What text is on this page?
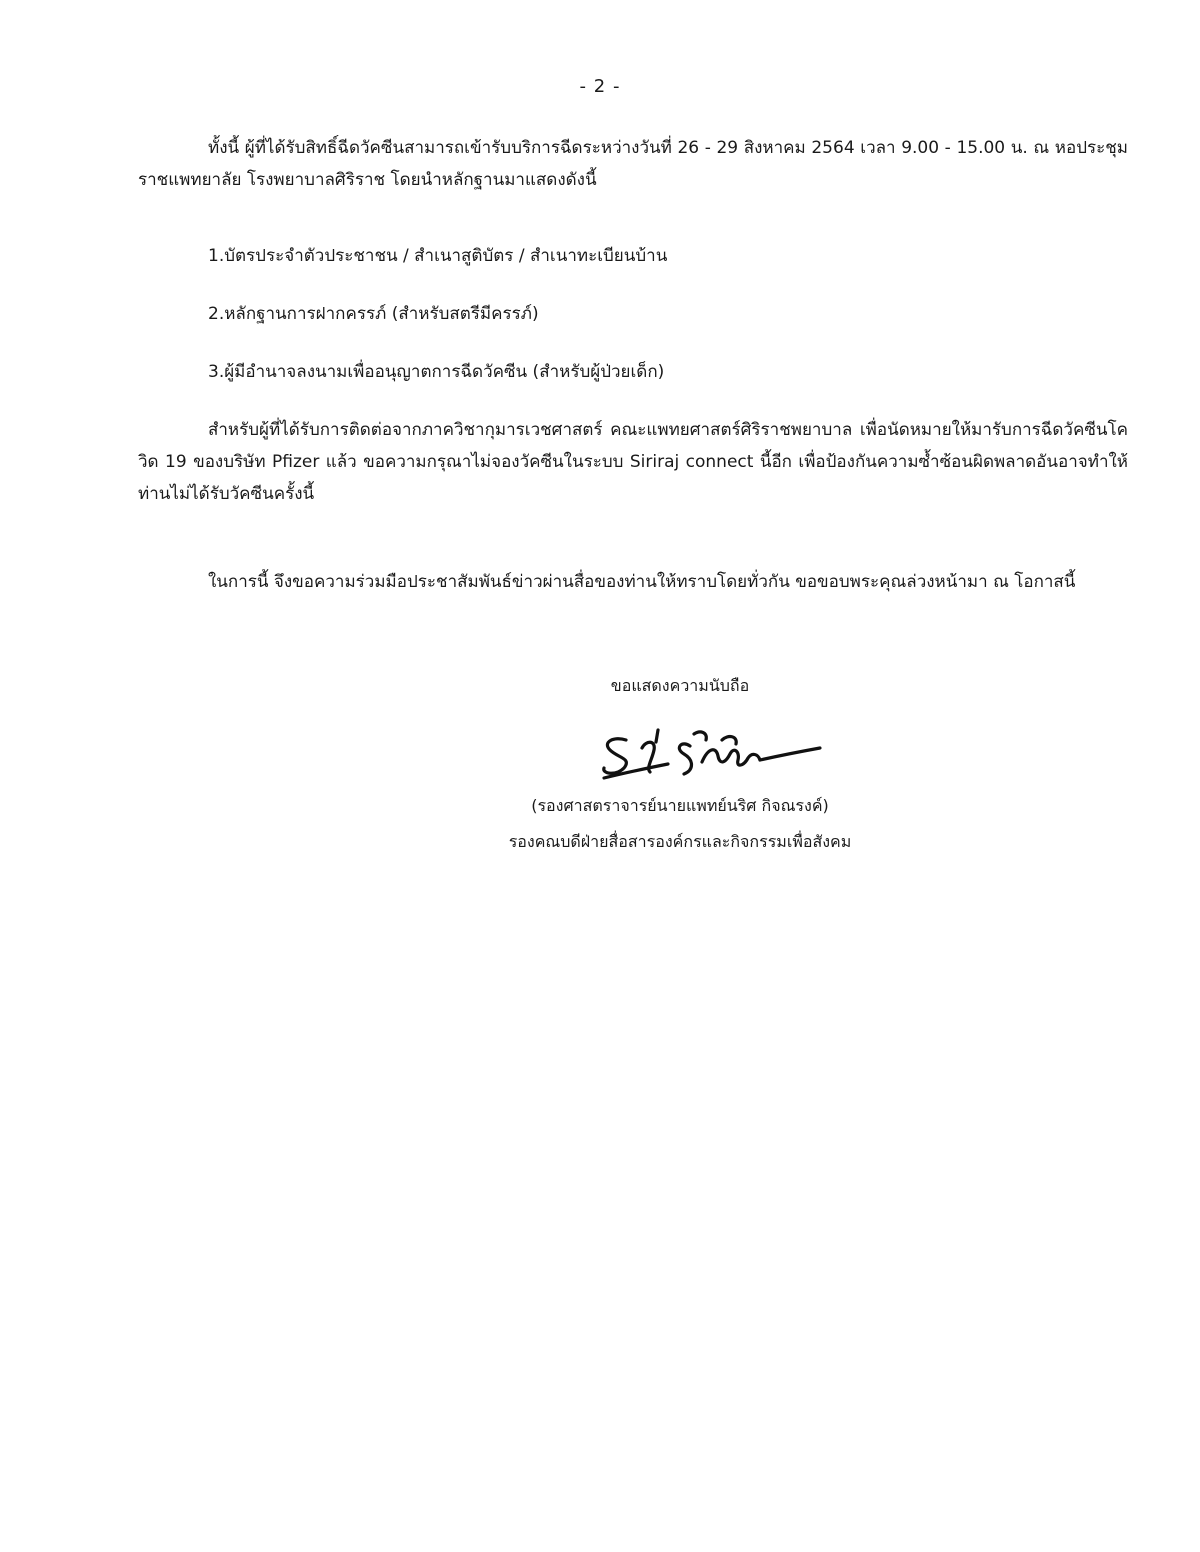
- 2 -
ทั้งนี้ ผู้ที่ได้รับสิทธิ์ฉีดวัคซีนสามารถเข้ารับบริการฉีดระหว่างวันที่ 26 - 29 สิงหาคม 2564 เวลา 9.00 - 15.00 น. ณ หอประชุมราชแพทยาลัย โรงพยาบาลศิริราช โดยนำหลักฐานมาแสดงดังนี้
1.บัตรประจำตัวประชาชน / สำเนาสูติบัตร / สำเนาทะเบียนบ้าน
2.หลักฐานการฝากครรภ์ (สำหรับสตรีมีครรภ์)
3.ผู้มีอำนาจลงนามเพื่ออนุญาตการฉีดวัคซีน (สำหรับผู้ป่วยเด็ก)
สำหรับผู้ที่ได้รับการติดต่อจากภาควิชากุมารเวชศาสตร์ คณะแพทยศาสตร์ศิริราชพยาบาล เพื่อนัดหมายให้มารับการฉีดวัคซีนโควิด 19 ของบริษัท Pfizer แล้ว ขอความกรุณาไม่จองวัคซีนในระบบ Siriraj connect นี้อีก เพื่อป้องกันความซ้ำซ้อนผิดพลาดอันอาจทำให้ท่านไม่ได้รับวัคซีนครั้งนี้
ในการนี้ จึงขอความร่วมมือประชาสัมพันธ์ข่าวผ่านสื่อของท่านให้ทราบโดยทั่วกัน ขอขอบพระคุณล่วงหน้ามา ณ โอกาสนี้
ขอแสดงความนับถือ
(รองศาสตราจารย์นายแพทย์นริศ กิจณรงค์)
รองคณบดีฝ่ายสื่อสารองค์กรและกิจกรรมเพื่อสังคม
